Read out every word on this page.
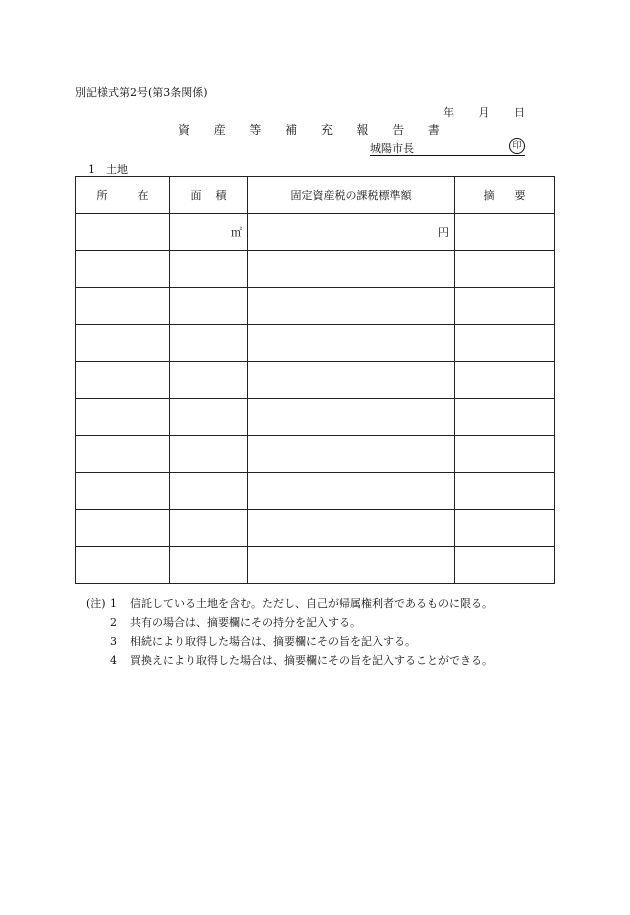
別記様式第2号(第3条関係)
年 月 日
資 産 等 補 充 報 告 書
城陽市長	印
1　土地
所 在	面 積	固定資産税の課税標準額	摘 要

	㎡	円	

(注) 1	信託している土地を含む。ただし、自己が帰属権利者であるものに限る。
2	共有の場合は、摘要欄にその持分を記入する。
3	相続により取得した場合は、摘要欄にその旨を記入する。
4	買換えにより取得した場合は、摘要欄にその旨を記入することができる。
